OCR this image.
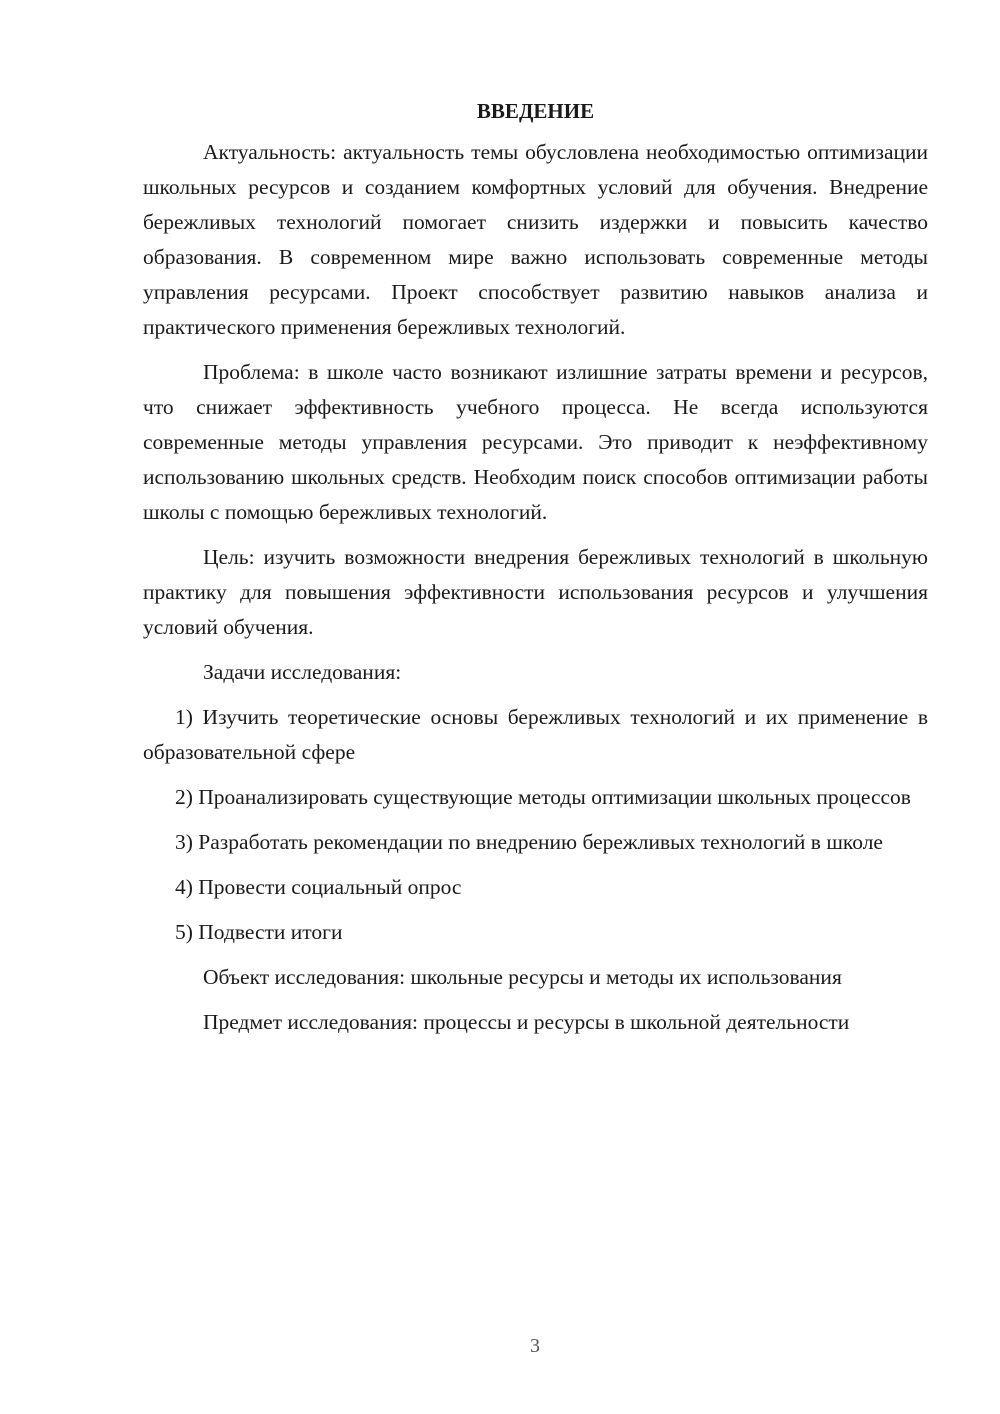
ВВЕДЕНИЕ

Актуальность: актуальность темы обусловлена необходимостью оптимизации школьных ресурсов и созданием комфортных условий для обучения. Внедрение бережливых технологий помогает снизить издержки и повысить качество образования. В современном мире важно использовать современные методы управления ресурсами. Проект способствует развитию навыков анализа и практического применения бережливых технологий.

Проблема: в школе часто возникают излишние затраты времени и ресурсов, что снижает эффективность учебного процесса. Не всегда используются современные методы управления ресурсами. Это приводит к неэффективному использованию школьных средств. Необходим поиск способов оптимизации работы школы с помощью бережливых технологий.

Цель: изучить возможности внедрения бережливых технологий в школьную практику для повышения эффективности использования ресурсов и улучшения условий обучения.

Задачи исследования:

1) Изучить теоретические основы бережливых технологий и их применение в образовательной сфере

2) Проанализировать существующие методы оптимизации школьных процессов

3) Разработать рекомендации по внедрению бережливых технологий в школе

4) Провести социальный опрос

5) Подвести итоги

Объект исследования: школьные ресурсы и методы их использования

Предмет исследования: процессы и ресурсы в школьной деятельности

3
